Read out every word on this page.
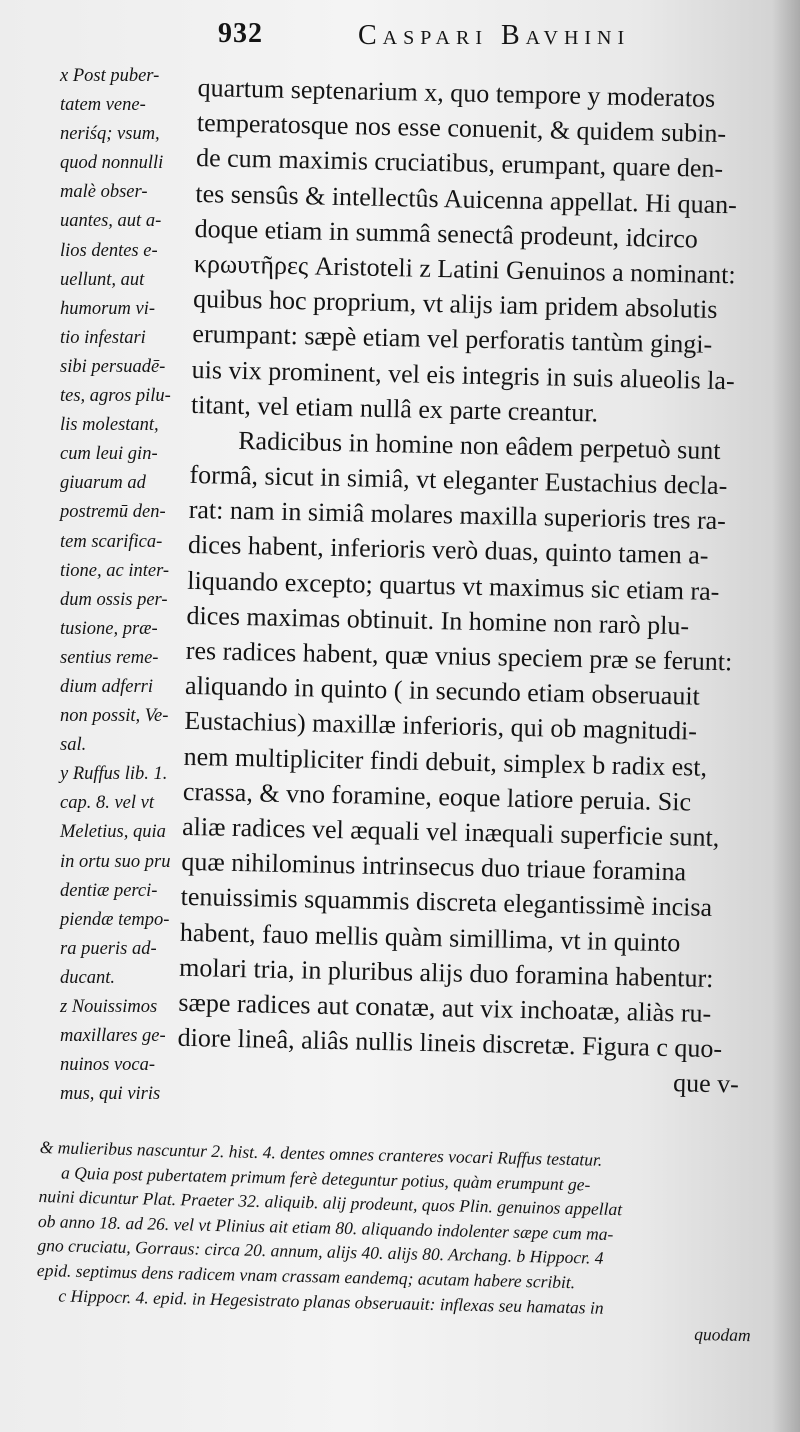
932	Caspari Bavhini
x Post puber-
tatem vene-
neriśq; vsum,
quod nonnulli
malè obser-
uantes, aut a-
lios dentes e-
uellunt, aut
humorum vi-
tio infestari
sibi persuadē-
tes, agros pilu-
lis molestant,
cum leui gin-
giuarum ad
postremū den-
tem scarifica-
tione, ac inter-
dum ossis per-
tusione, præ-
sentius reme-
dium adferri
non possit, Ve-
sal.
y Ruffus lib. 1.
cap. 8. vel vt
Meletius, quia
in ortu suo pru
dentiæ perci-
piendæ tempo-
ra pueris ad-
ducant.
z Nouissimos
maxillares ge-
nuinos voca-
mus, qui viris
quartum septenarium x, quo tempore y moderatos
temperatosque nos esse conuenit, & quidem subin-
de cum maximis cruciatibus, erumpant, quare den-
tes sensûs & intellectûs Auicenna appellat. Hi quan-
doque etiam in summâ senectâ prodeunt, idcirco
κρωυτῆρες Aristoteli z Latini Genuinos a nominant:
quibus hoc proprium, vt alijs iam pridem absolutis
erumpant: sæpè etiam vel perforatis tantùm gingi-
uis vix prominent, vel eis integris in suis alueolis la-
titant, vel etiam nullâ ex parte creantur.
Radicibus in homine non eâdem perpetuò sunt
formâ, sicut in simiâ, vt eleganter Eustachius decla-
rat: nam in simiâ molares maxilla superioris tres ra-
dices habent, inferioris verò duas, quinto tamen a-
liquando excepto; quartus vt maximus sic etiam ra-
dices maximas obtinuit. In homine non rarò plu-
res radices habent, quæ vnius speciem præ se ferunt:
aliquando in quinto ( in secundo etiam obseruauit
Eustachius) maxillæ inferioris, qui ob magnitudi-
nem multipliciter findi debuit, simplex b radix est,
crassa, & vno foramine, eoque latiore peruia. Sic
aliæ radices vel æquali vel inæquali superficie sunt,
quæ nihilominus intrinsecus duo triaue foramina
tenuissimis squammis discreta elegantissimè incisa
habent, fauo mellis quàm simillima, vt in quinto
molari tria, in pluribus alijs duo foramina habentur:
sæpe radices aut conatæ, aut vix inchoatæ, aliàs ru-
diore lineâ, aliâs nullis lineis discretæ. Figura c quo-
que v-
& mulieribus nascuntur 2. hist. 4. dentes omnes cranteres vocari Ruffus testatur.
a Quia post pubertatem primum ferè deteguntur potius, quàm erumpunt ge-
nuini dicuntur Plat. Praeter 32. aliquib. alij prodeunt, quos Plin. genuinos appellat
ob anno 18. ad 26. vel vt Plinius ait etiam 80. aliquando indolenter sæpe cum ma-
gno cruciatu, Gorraus: circa 20. annum, alijs 40. alijs 80. Archang. b Hippocr. 4
epid. septimus dens radicem vnam crassam eandemq; acutam habere scribit.
c Hippocr. 4. epid. in Hegesistrato planas obseruauit: inflexas seu hamatas in
quodam
